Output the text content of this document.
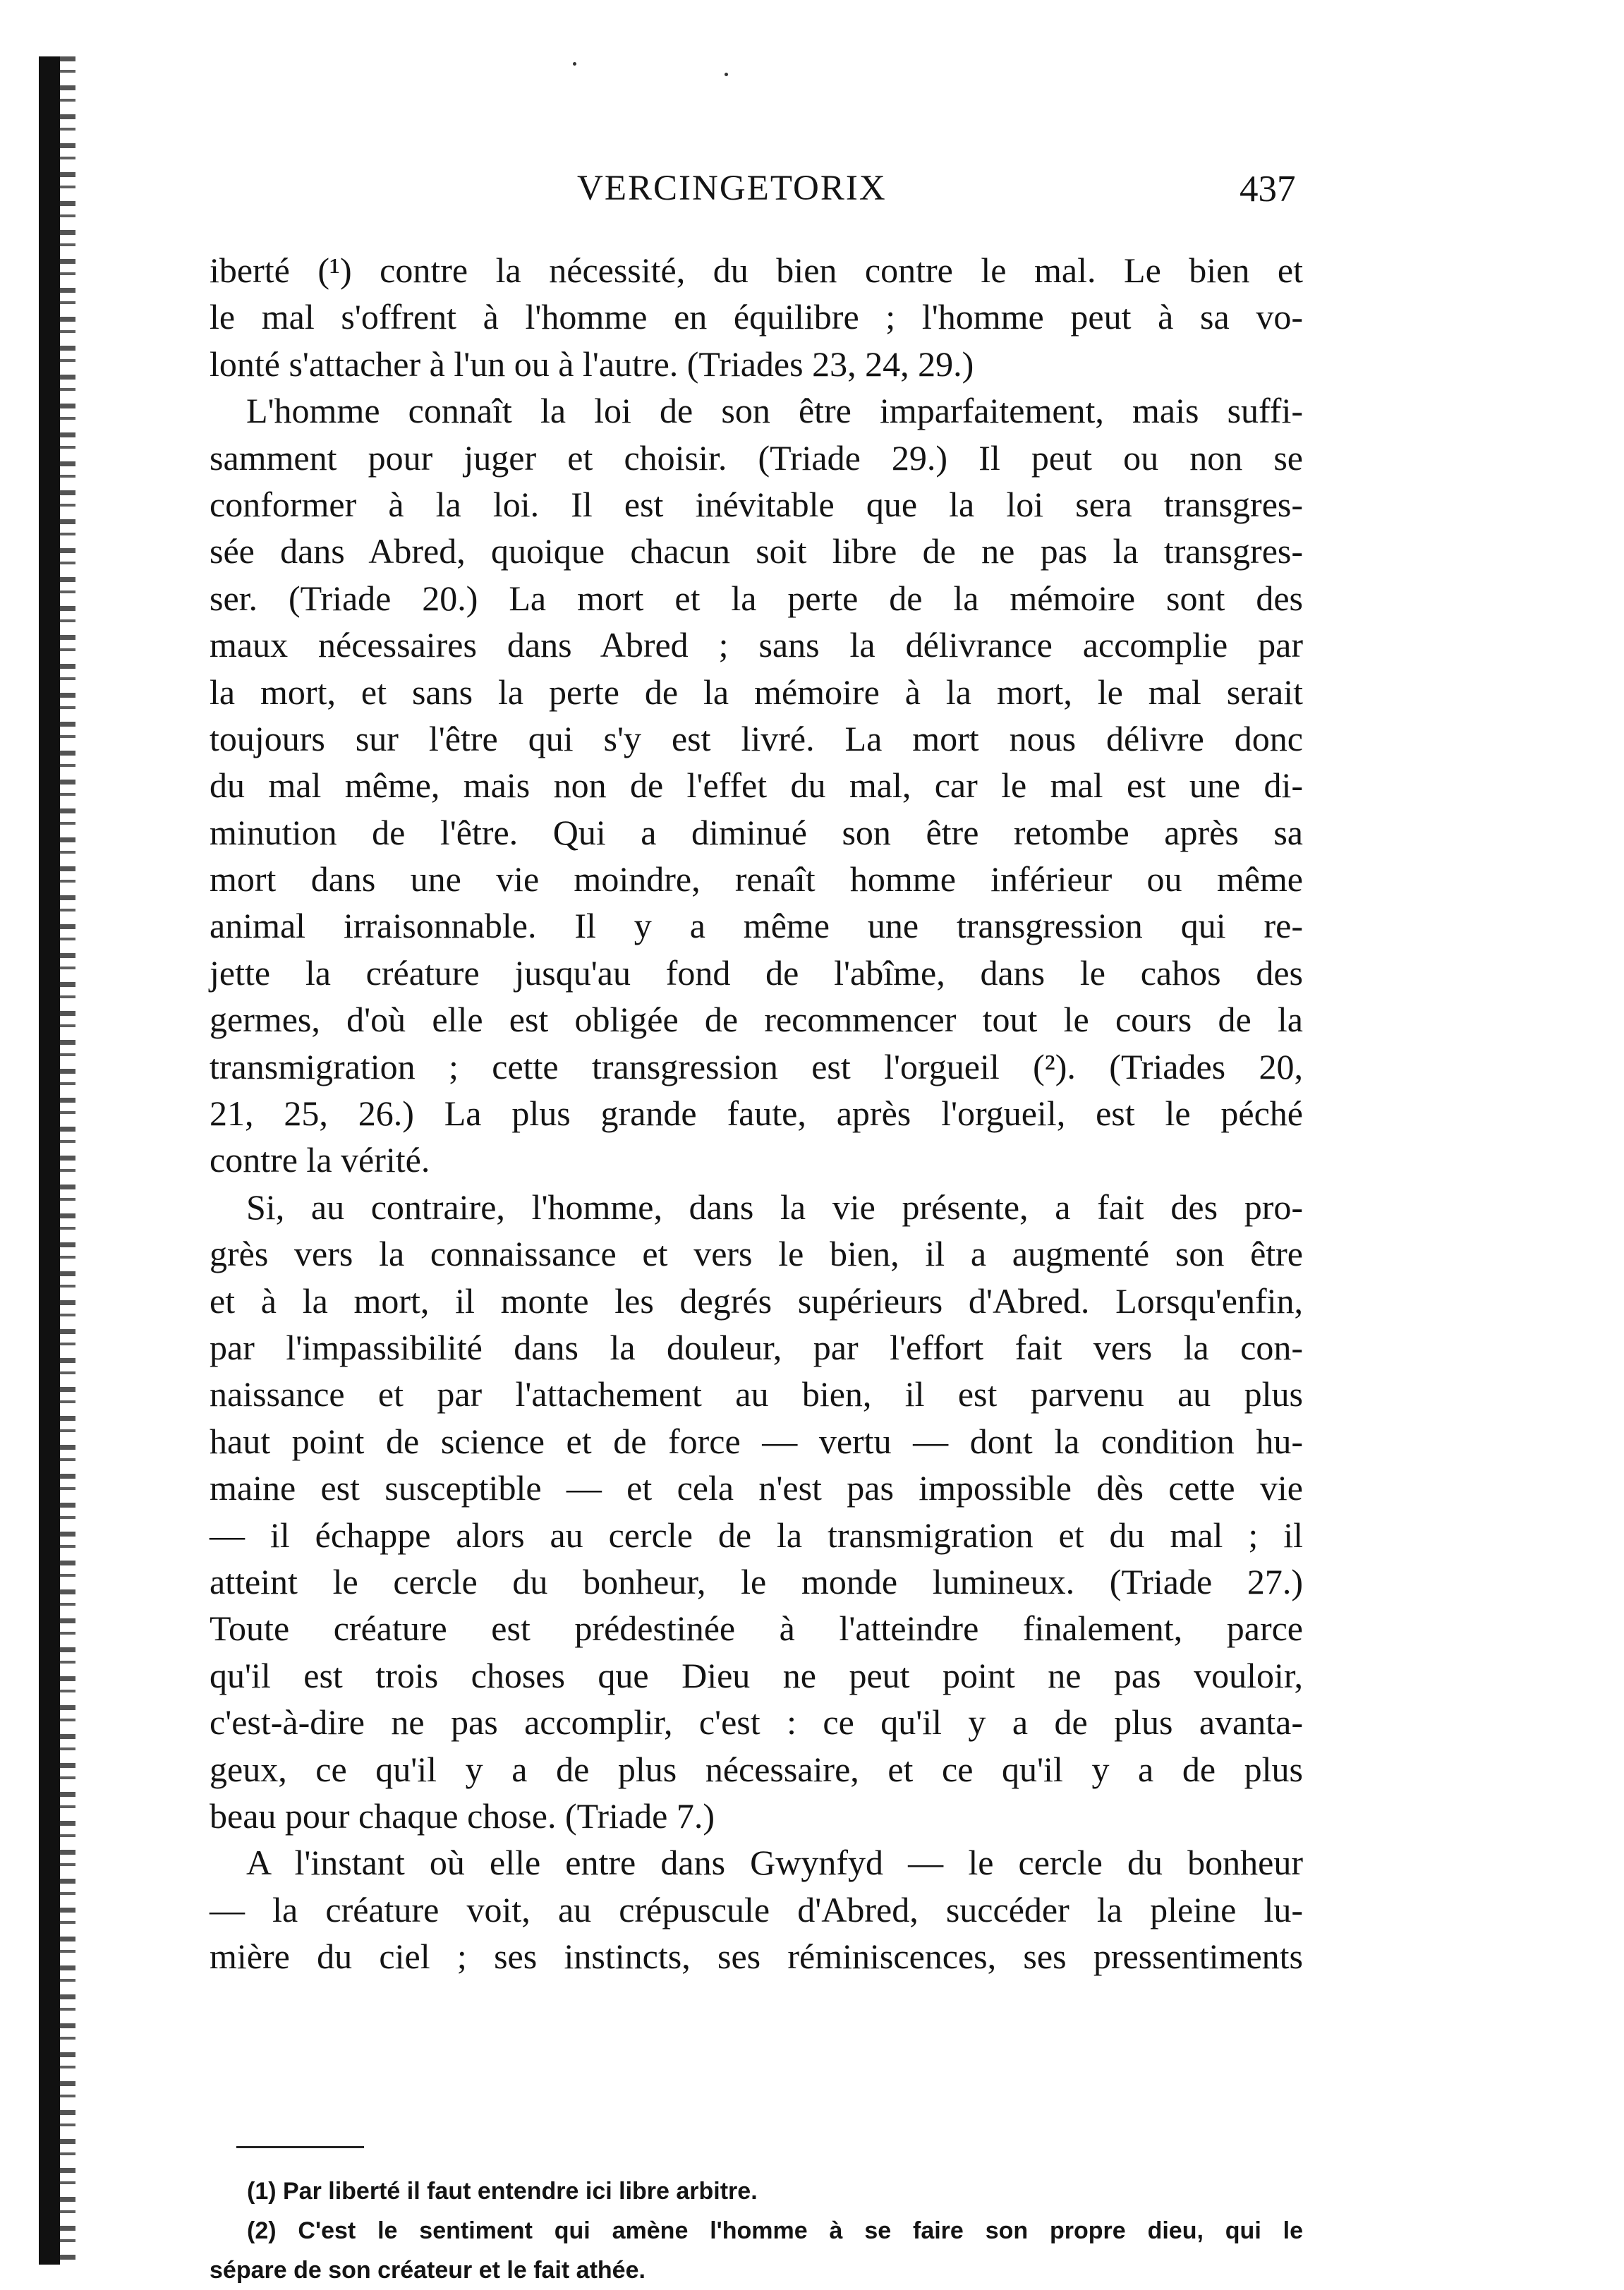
VERCINGETORIX	437
iberté (¹) contre la nécessité, du bien contre le mal. Le bien et
le mal s'offrent à l'homme en équilibre ; l'homme peut à sa vo-
lonté s'attacher à l'un ou à l'autre. (Triades 23, 24, 29.)
L'homme connaît la loi de son être imparfaitement, mais suffi-
samment pour juger et choisir. (Triade 29.) Il peut ou non se
conformer à la loi. Il est inévitable que la loi sera transgres-
sée dans Abred, quoique chacun soit libre de ne pas la transgres-
ser. (Triade 20.) La mort et la perte de la mémoire sont des
maux nécessaires dans Abred ; sans la délivrance accomplie par
la mort, et sans la perte de la mémoire à la mort, le mal serait
toujours sur l'être qui s'y est livré. La mort nous délivre donc
du mal même, mais non de l'effet du mal, car le mal est une di-
minution de l'être. Qui a diminué son être retombe après sa
mort dans une vie moindre, renaît homme inférieur ou même
animal irraisonnable. Il y a même une transgression qui re-
jette la créature jusqu'au fond de l'abîme, dans le cahos des
germes, d'où elle est obligée de recommencer tout le cours de la
transmigration ; cette transgression est l'orgueil (²). (Triades 20,
21, 25, 26.) La plus grande faute, après l'orgueil, est le péché
contre la vérité.
Si, au contraire, l'homme, dans la vie présente, a fait des pro-
grès vers la connaissance et vers le bien, il a augmenté son être
et à la mort, il monte les degrés supérieurs d'Abred. Lorsqu'enfin,
par l'impassibilité dans la douleur, par l'effort fait vers la con-
naissance et par l'attachement au bien, il est parvenu au plus
haut point de science et de force — vertu — dont la condition hu-
maine est susceptible — et cela n'est pas impossible dès cette vie
— il échappe alors au cercle de la transmigration et du mal ; il
atteint le cercle du bonheur, le monde lumineux. (Triade 27.)
Toute créature est prédestinée à l'atteindre finalement, parce
qu'il est trois choses que Dieu ne peut point ne pas vouloir,
c'est-à-dire ne pas accomplir, c'est : ce qu'il y a de plus avanta-
geux, ce qu'il y a de plus nécessaire, et ce qu'il y a de plus
beau pour chaque chose. (Triade 7.)
A l'instant où elle entre dans Gwynfyd — le cercle du bonheur
— la créature voit, au crépuscule d'Abred, succéder la pleine lu-
mière du ciel ; ses instincts, ses réminiscences, ses pressentiments
(1) Par liberté il faut entendre ici libre arbitre.
(2) C'est le sentiment qui amène l'homme à se faire son propre dieu, qui le
sépare de son créateur et le fait athée.
